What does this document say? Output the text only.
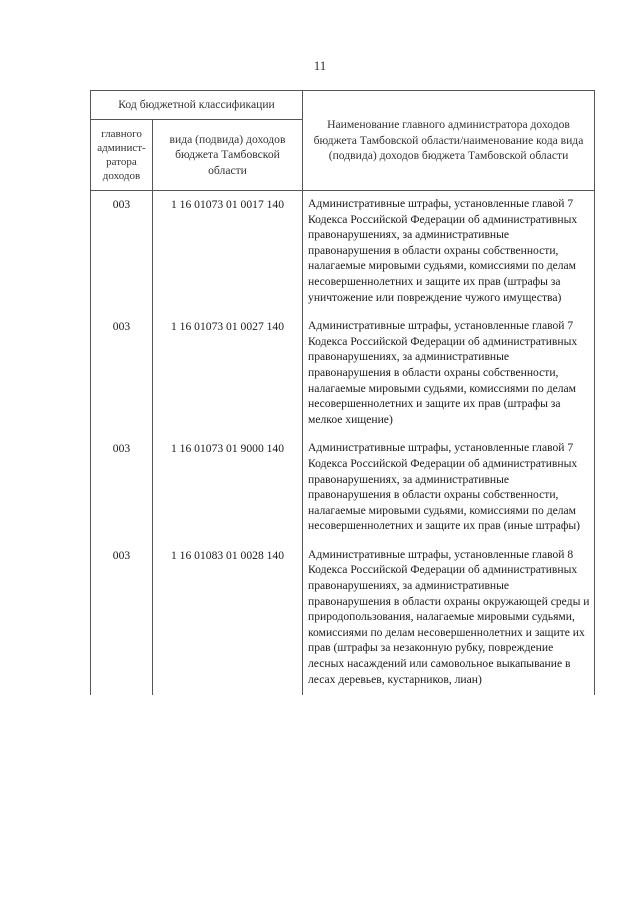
11
Код бюджетной классификации		Наименование главного администратора доходов бюджета Тамбовской области/наименование кода вида (подвида) доходов бюджета Тамбовской области
главного админист-ратора доходов	вида (подвида) доходов бюджета Тамбовской области	
003	1 16 01073 01 0017 140	Административные штрафы, установленные главой 7 Кодекса Российской Федерации об административных правонарушениях, за административные правонарушения в области охраны собственности, налагаемые мировыми судьями, комиссиями по делам несовершеннолетних и защите их прав (штрафы за уничтожение или повреждение чужого имущества)
003	1 16 01073 01 0027 140	Административные штрафы, установленные главой 7 Кодекса Российской Федерации об административных правонарушениях, за административные правонарушения в области охраны собственности, налагаемые мировыми судьями, комиссиями по делам несовершеннолетних и защите их прав (штрафы за мелкое хищение)
003	1 16 01073 01 9000 140	Административные штрафы, установленные главой 7 Кодекса Российской Федерации об административных правонарушениях, за административные правонарушения в области охраны собственности, налагаемые мировыми судьями, комиссиями по делам несовершеннолетних и защите их прав (иные штрафы)
003	1 16 01083 01 0028 140	Административные штрафы, установленные главой 8 Кодекса Российской Федерации об административных правонарушениях, за административные правонарушения в области охраны окружающей среды и природопользования, налагаемые мировыми судьями, комиссиями по делам несовершеннолетних и защите их прав (штрафы за незаконную рубку, повреждение лесных насаждений или самовольное выкапывание в лесах деревьев, кустарников, лиан)
